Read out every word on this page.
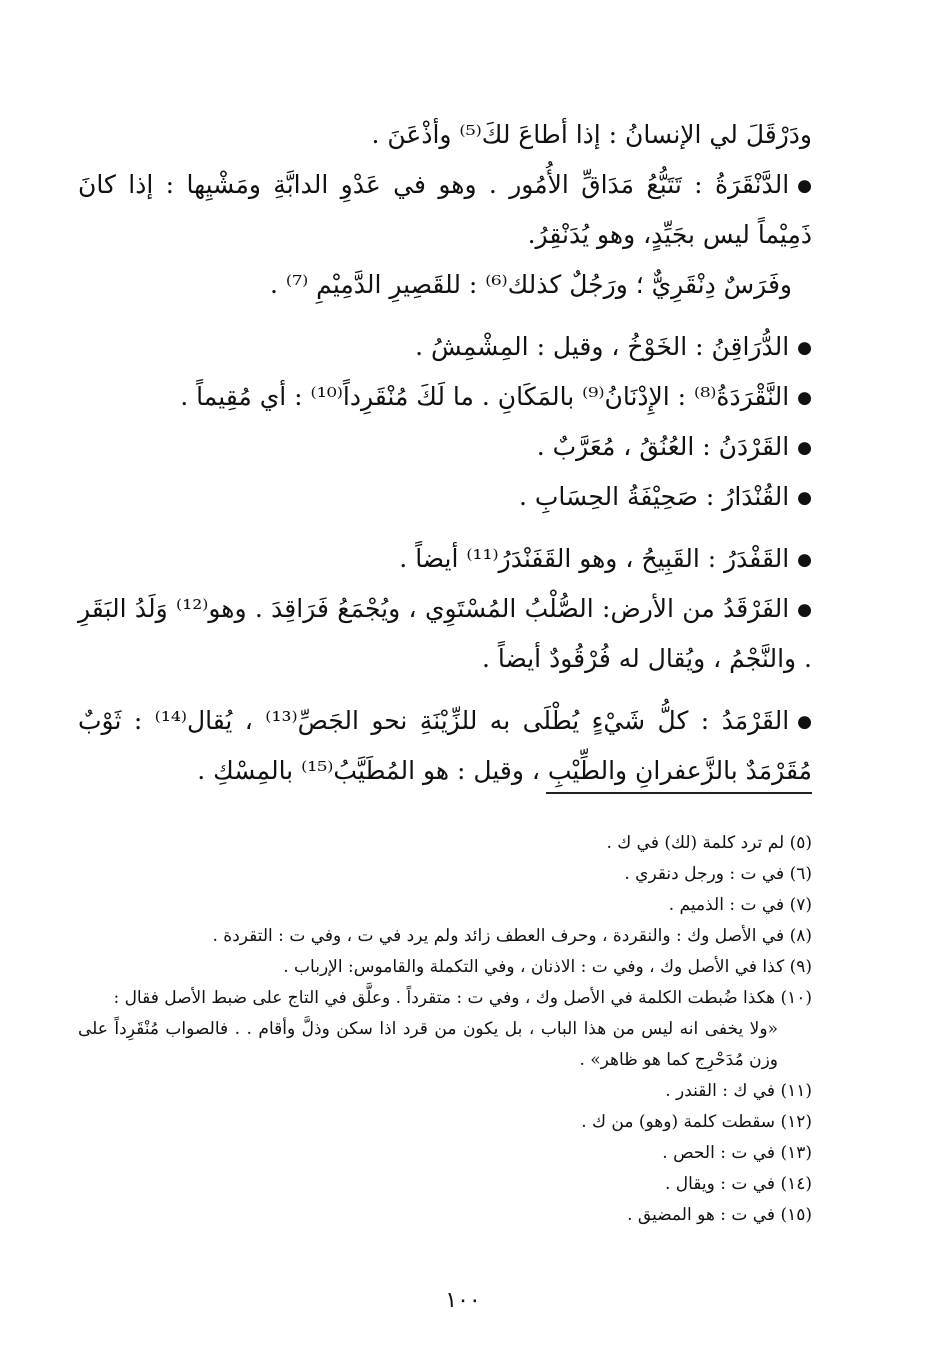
ودَرْقَلَ لي الإنسانُ : إذا أطاعَ لكَ⁽⁵⁾ وأذْعَنَ .

●الدَّنْقَرَةُ : تَتَبُّعُ مَدَاقِّ الأُمُور . وهو في عَدْوِ الدابَّةِ ومَشْيِها : إذا كانَ ذَمِيْماً ليس بجَيِّدٍ، وهو يُدَنْقِرُ.

وفَرَسٌ دِنْقَرِيٌّ ؛ ورَجُلٌ كذلك⁽⁶⁾ : للقَصِيرِ الدَّمِيْمِ ⁽⁷⁾ .

●الدُّرَاقِنُ : الخَوْخُ ، وقيل : المِشْمِشُ .

●النَّقْرَدَةُ⁽⁸⁾ : الإِدْنَانُ⁽⁹⁾ بالمَكَانِ . ما لَكَ مُنْقَرِداً⁽¹⁰⁾ : أي مُقِيماً .

●القَرْدَنُ : العُنُقُ ، مُعَرَّبٌ .

●القُنْدَارُ : صَحِيْفَةُ الحِسَابِ .

●القَفْدَرُ : القَبِيحُ ، وهو القَفَنْدَرُ⁽¹¹⁾ أيضاً .

●الفَرْقَدُ من الأرض: الصُّلْبُ المُسْتَوِي ، ويُجْمَعُ فَرَاقِدَ . وهو⁽¹²⁾ وَلَدُ البَقَرِ . والنَّجْمُ ، ويُقال له فُرْقُودٌ أيضاً .

●القَرْمَدُ : كلُّ شَيْءٍ يُطْلَى به للزِّيْنَةِ نحو الجَصِّ⁽¹³⁾ ، يُقال⁽¹⁴⁾ : ثَوْبٌ مُقَرْمَدٌ بالزَّعفرانِ والطِّيْبِ ، وقيل : هو المُطَيَّبُ⁽¹⁵⁾ بالمِسْكِ .

(٥) لم ترد كلمة (لك) في ك .

(٦) في ت : ورجل دنقري .

(٧) في ت : الذميم .

(٨) في الأصل وك : والنقردة ، وحرف العطف زائد ولم يرد في ت ، وفي ت : التقردة .

(٩) كذا في الأصل وك ، وفي ت : الاذنان ، وفي التكملة والقاموس: الإرباب .

(١٠) هكذا ضُبطت الكلمة في الأصل وك ، وفي ت : متقرداً . وعلَّق في التاج على ضبط الأصل فقال :

«ولا يخفى انه ليس من هذا الباب ، بل يكون من قرد اذا سكن وذلَّ وأقام . . فالصواب مُنْقَرِداً على وزن مُدَحْرِج كما هو ظاهر» .

(١١) في ك : القندر .

(١٢) سقطت كلمة (وهو) من ك .

(١٣) في ت : الحص .

(١٤) في ت : ويقال .

(١٥) في ت : هو المضيق .

١٠٠
